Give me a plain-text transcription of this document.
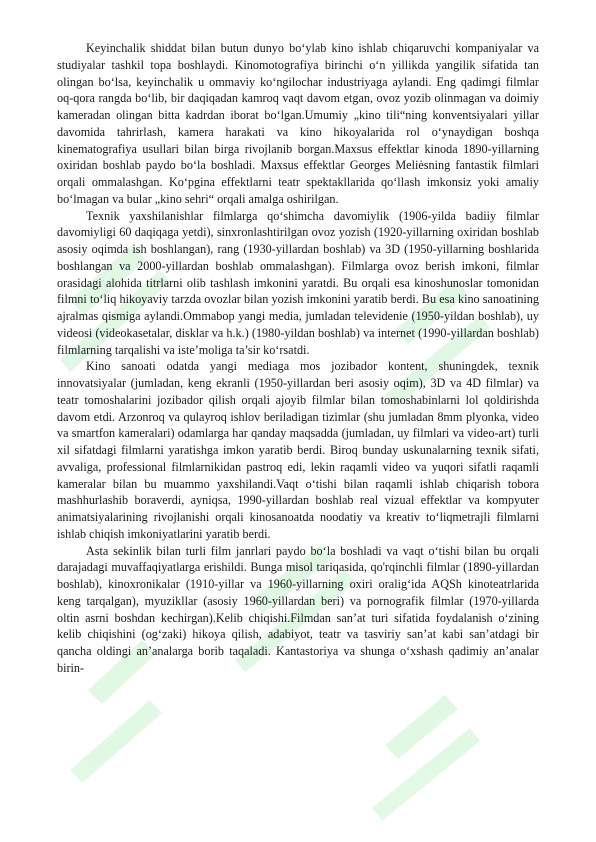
Keyinchalik shiddat bilan butun dunyo bo‘ylab kino ishlab chiqaruvchi kompaniyalar va studiyalar tashkil topa boshlaydi. Kinomotografiya birinchi o‘n yillikda yangilik sifatida tan olingan bo‘lsa, keyinchalik u ommaviy ko‘ngilochar industriyaga aylandi. Eng qadimgi filmlar oq-qora rangda bo‘lib, bir daqiqadan kamroq vaqt davom etgan, ovoz yozib olinmagan va doimiy kameradan olingan bitta kadrdan iborat bo‘lgan.Umumiy „kino tili“ning konventsiyalari yillar davomida tahrirlash, kamera harakati va kino hikoyalarida rol o‘ynaydigan boshqa kinematografiya usullari bilan birga rivojlanib borgan.Maxsus effektlar kinoda 1890-yillarning oxiridan boshlab paydo bo‘la boshladi. Maxsus effektlar Georges Meliėsning fantastik filmlari orqali ommalashgan. Ko‘pgina effektlarni teatr spektakllarida qo‘llash imkonsiz yoki amaliy bo‘lmagan va bular „kino sehri“ orqali amalga oshirilgan.

Texnik yaxshilanishlar filmlarga qo‘shimcha davomiylik (1906-yilda badiiy filmlar davomiyligi 60 daqiqaga yetdi), sinxronlashtirilgan ovoz yozish (1920-yillarning oxiridan boshlab asosiy oqimda ish boshlangan), rang (1930-yillardan boshlab) va 3D (1950-yillarning boshlarida boshlangan va 2000-yillardan boshlab ommalashgan). Filmlarga ovoz berish imkoni, filmlar orasidagi alohida titrlarni olib tashlash imkonini yaratdi. Bu orqali esa kinoshunoslar tomonidan filmni to‘liq hikoyaviy tarzda ovozlar bilan yozish imkonini yaratib berdi. Bu esa kino sanoatining ajralmas qismiga aylandi.Ommabop yangi media, jumladan televidenie (1950-yildan boshlab), uy videosi (videokasetalar, disklar va h.k.) (1980-yildan boshlab) va internet (1990-yillardan boshlab) filmlarning tarqalishi va iste’moliga ta’sir ko‘rsatdi.

Kino sanoati odatda yangi mediaga mos jozibador kontent, shuningdek, texnik innovatsiyalar (jumladan, keng ekranli (1950-yillardan beri asosiy oqim), 3D va 4D filmlar) va teatr tomoshalarini jozibador qilish orqali ajoyib filmlar bilan tomoshabinlarni lol qoldirishda davom etdi. Arzonroq va qulayroq ishlov beriladigan tizimlar (shu jumladan 8mm plyonka, video va smartfon kameralari) odamlarga har qanday maqsadda (jumladan, uy filmlari va video-art) turli xil sifatdagi filmlarni yaratishga imkon yaratib berdi. Biroq bunday uskunalarning texnik sifati, avvaliga, professional filmlarnikidan pastroq edi, lekin raqamli video va yuqori sifatli raqamli kameralar bilan bu muammo yaxshilandi.Vaqt o‘tishi bilan raqamli ishlab chiqarish tobora mashhurlashib boraverdi, ayniqsa, 1990-yillardan boshlab real vizual effektlar va kompyuter animatsiyalarining rivojlanishi orqali kinosanoatda noodatiy va kreativ to‘liqmetrajli filmlarni ishlab chiqish imkoniyatlarini yaratib berdi.

Asta sekinlik bilan turli film janrlari paydo bo‘la boshladi va vaqt o‘tishi bilan bu orqali darajadagi muvaffaqiyatlarga erishildi. Bunga misol tariqasida, qo'rqinchli filmlar (1890-yillardan boshlab), kinoxronikalar (1910-yillar va 1960-yillarning oxiri oralig‘ida AQSh kinoteatrlarida keng tarqalgan), myuzikllar (asosiy 1960-yillardan beri) va pornografik filmlar (1970-yillarda oltin asrni boshdan kechirgan).Kelib chiqishi.Filmdan san’at turi sifatida foydalanish o‘zining kelib chiqishini (og‘zaki) hikoya qilish, adabiyot, teatr va tasviriy san’at kabi san’atdagi bir qancha oldingi an’analarga borib taqaladi. Kantastoriya va shunga o‘xshash qadimiy an’analar birin-
